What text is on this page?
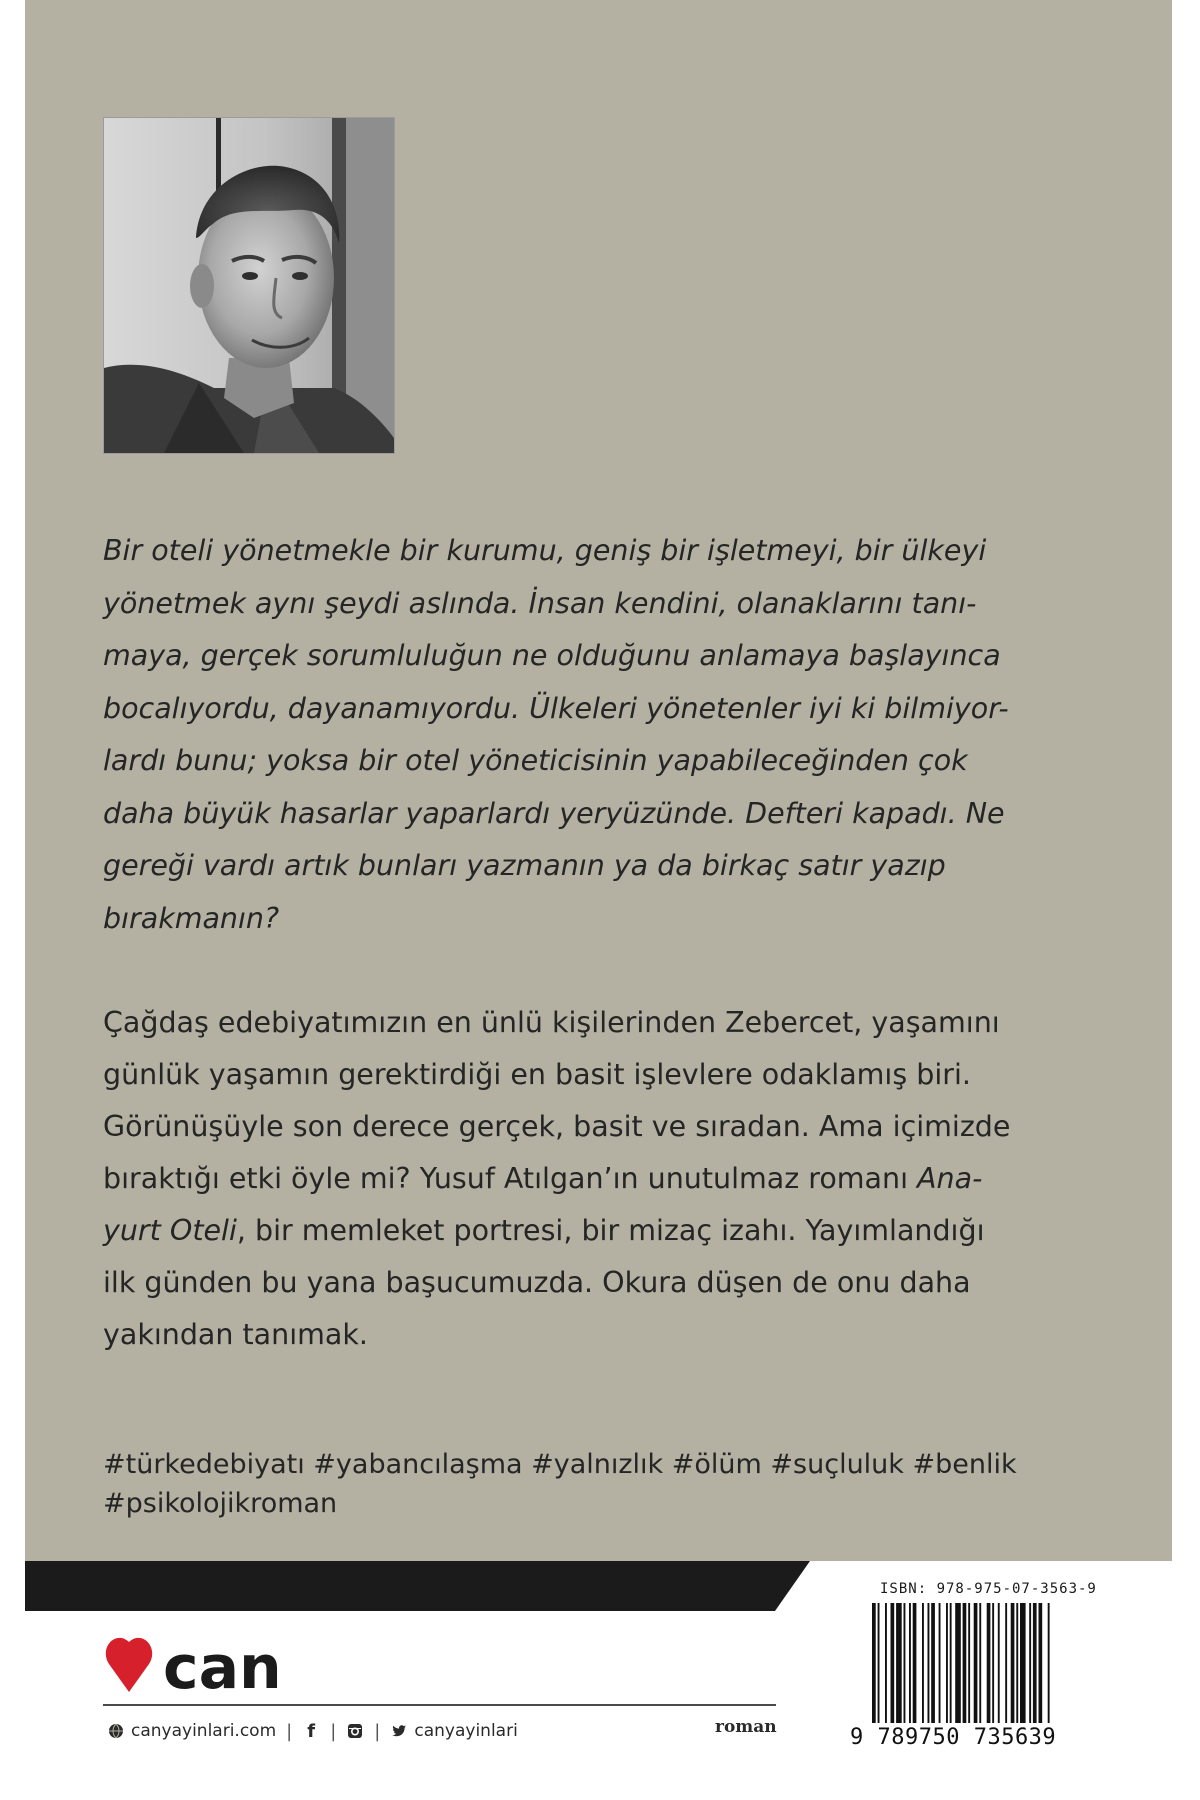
Bir oteli yönetmekle bir kurumu, geniş bir işletmeyi, bir ülkeyi
yönetmek aynı şeydi aslında. İnsan kendini, olanaklarını tanı-
maya, gerçek sorumluluğun ne olduğunu anlamaya başlayınca
bocalıyordu, dayanamıyordu. Ülkeleri yönetenler iyi ki bilmiyor-
lardı bunu; yoksa bir otel yöneticisinin yapabileceğinden çok
daha büyük hasarlar yaparlardı yeryüzünde. Defteri kapadı. Ne
gereği vardı artık bunları yazmanın ya da birkaç satır yazıp
bırakmanın?
Çağdaş edebiyatımızın en ünlü kişilerinden Zebercet, yaşamını
günlük yaşamın gerektirdiği en basit işlevlere odaklamış biri.
Görünüşüyle son derece gerçek, basit ve sıradan. Ama içimizde
bıraktığı etki öyle mi? Yusuf Atılgan’ın unutulmaz romanı Ana-
yurt Oteli, bir memleket portresi, bir mizaç izahı. Yayımlandığı
ilk günden bu yana başucumuzda. Okura düşen de onu daha
yakından tanımak.
#türkedebiyatı #yabancılaşma #yalnızlık #ölüm #suçluluk #benlik
#psikolojikroman
can
canyayinlari.com | f | | canyayinlari	roman
ISBN: 978-975-07-3563-9
9 789750 735639
